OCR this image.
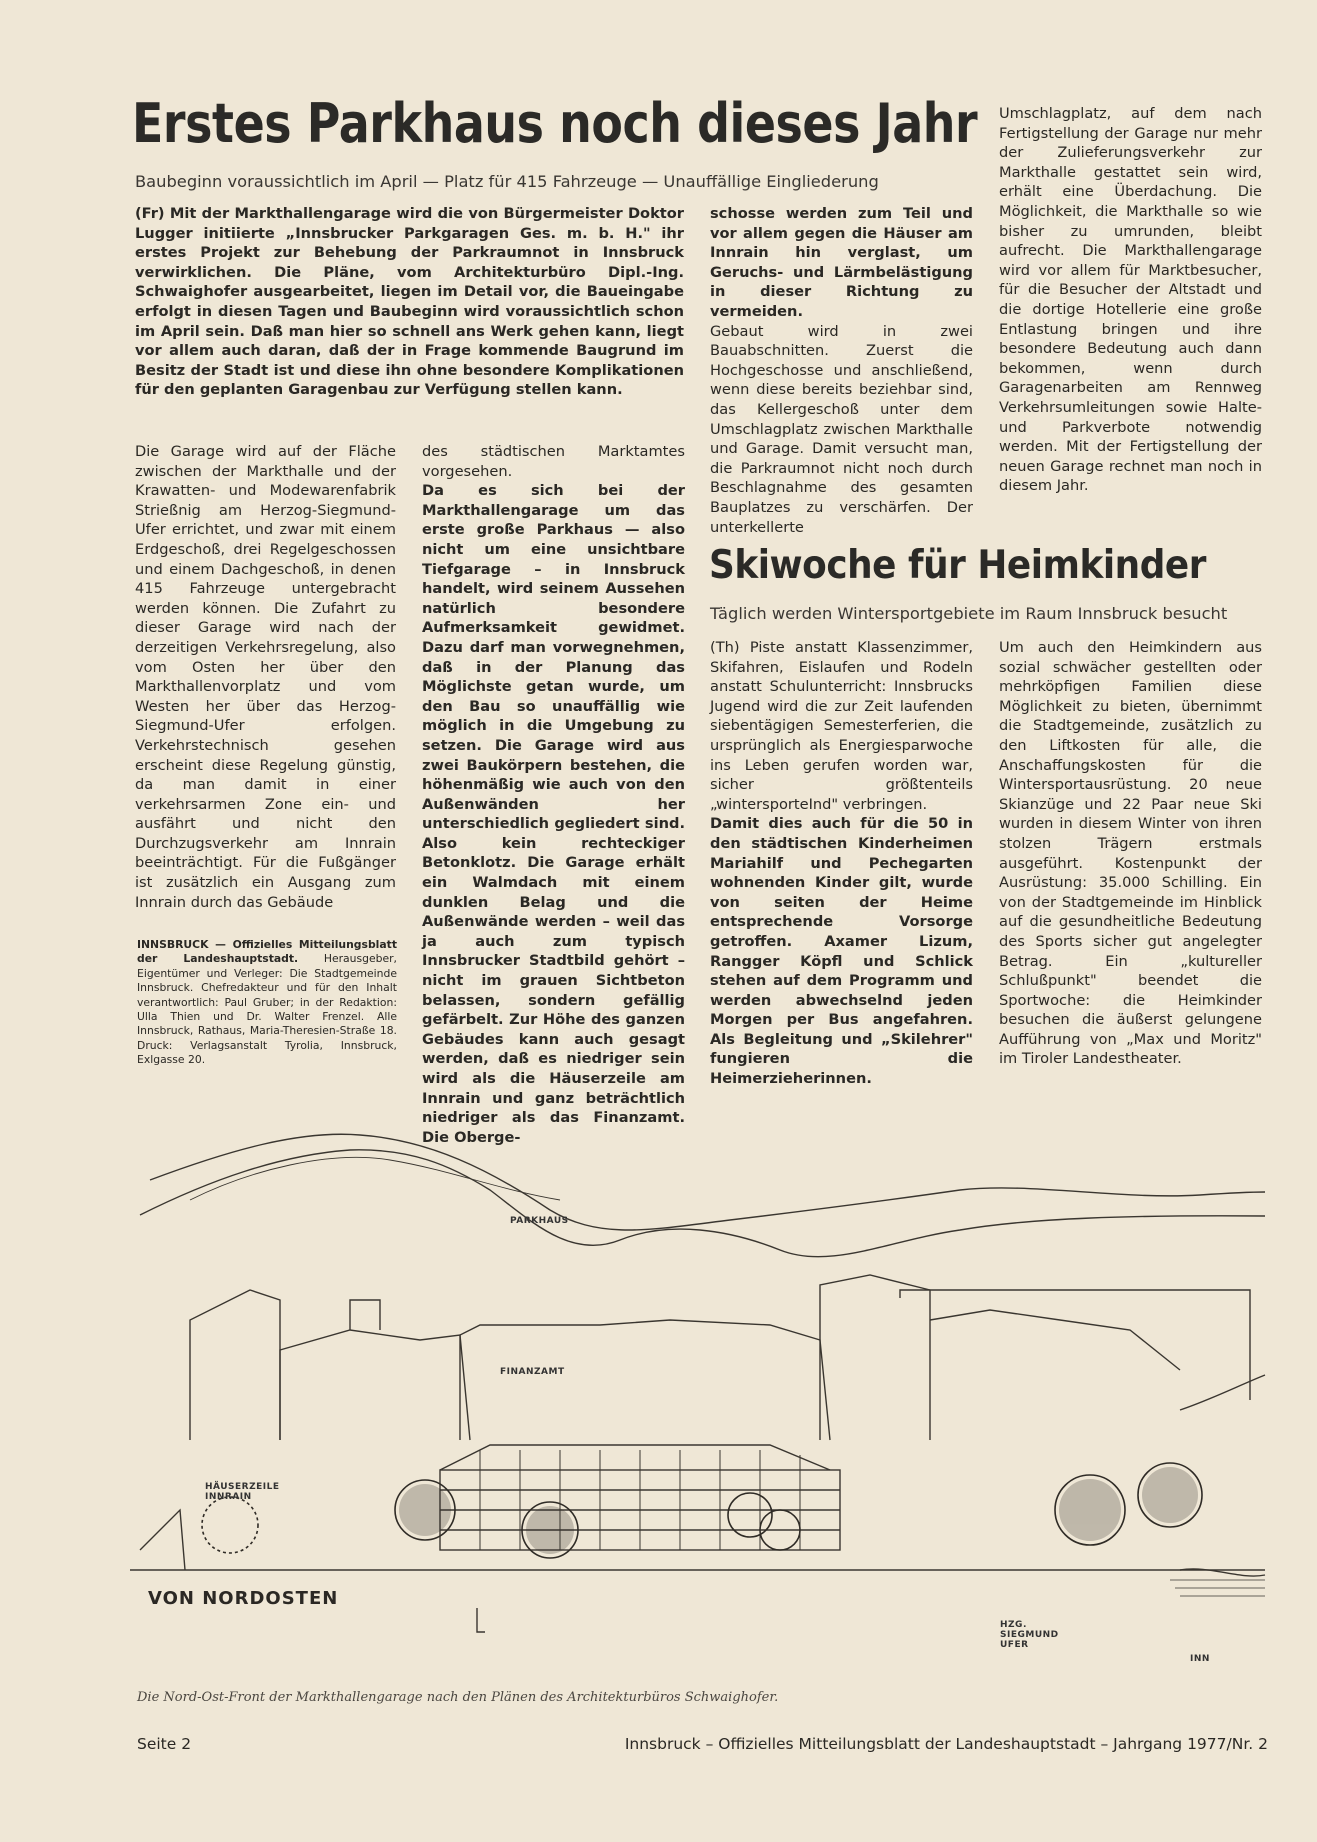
Erstes Parkhaus noch dieses Jahr
Baubeginn voraussichtlich im April — Platz für 415 Fahrzeuge — Unauffällige Eingliederung

(Fr) Mit der Markthallengarage wird die von Bürgermeister Doktor Lugger initiierte „Innsbrucker Parkgaragen Ges. m. b. H." ihr erstes Projekt zur Behebung der Parkraumnot in Innsbruck verwirklichen. Die Pläne, vom Architekturbüro Dipl.-Ing. Schwaighofer ausgearbeitet, liegen im Detail vor, die Baueingabe erfolgt in diesen Tagen und Baubeginn wird voraussichtlich schon im April sein. Daß man hier so schnell ans Werk gehen kann, liegt vor allem auch daran, daß der in Frage kommende Baugrund im Besitz der Stadt ist und diese ihn ohne besondere Komplikationen für den geplanten Garagenbau zur Verfügung stellen kann.

Die Garage wird auf der Fläche zwischen der Markthalle und der Krawatten- und Modewarenfabrik Strießnig am Herzog-Siegmund-Ufer errichtet, und zwar mit einem Erdgeschoß, drei Regelgeschossen und einem Dachgeschoß, in denen 415 Fahrzeuge untergebracht werden können. Die Zufahrt zu dieser Garage wird nach der derzeitigen Verkehrsregelung, also vom Osten her über den Markthallenvorplatz und vom Westen her über das Herzog-Siegmund-Ufer erfolgen. Verkehrstechnisch gesehen erscheint diese Regelung günstig, da man damit in einer verkehrsarmen Zone ein- und ausfährt und nicht den Durchzugsverkehr am Innrain beeinträchtigt. Für die Fußgänger ist zusätzlich ein Ausgang zum Innrain durch das Gebäude

des städtischen Marktamtes vorgesehen.

Da es sich bei der Markthallengarage um das erste große Parkhaus — also nicht um eine unsichtbare Tiefgarage – in Innsbruck handelt, wird seinem Aussehen natürlich besondere Aufmerksamkeit gewidmet. Dazu darf man vorwegnehmen, daß in der Planung das Möglichste getan wurde, um den Bau so unauffällig wie möglich in die Umgebung zu setzen. Die Garage wird aus zwei Baukörpern bestehen, die höhenmäßig wie auch von den Außenwänden her unterschiedlich gegliedert sind. Also kein rechteckiger Betonklotz. Die Garage erhält ein Walmdach mit einem dunklen Belag und die Außenwände werden – weil das ja auch zum typisch Innsbrucker Stadtbild gehört – nicht im grauen Sichtbeton belassen, sondern gefällig gefärbelt. Zur Höhe des ganzen Gebäudes kann auch gesagt werden, daß es niedriger sein wird als die Häuserzeile am Innrain und ganz beträchtlich niedriger als das Finanzamt. Die Oberge-

schosse werden zum Teil und vor allem gegen die Häuser am Innrain hin verglast, um Geruchs- und Lärmbelästigung in dieser Richtung zu vermeiden.

Gebaut wird in zwei Bauabschnitten. Zuerst die Hochgeschosse und anschließend, wenn diese bereits beziehbar sind, das Kellergeschoß unter dem Umschlagplatz zwischen Markthalle und Garage. Damit versucht man, die Parkraumnot nicht noch durch Beschlagnahme des gesamten Bauplatzes zu verschärfen. Der unterkellerte

Umschlagplatz, auf dem nach Fertigstellung der Garage nur mehr der Zulieferungsverkehr zur Markthalle gestattet sein wird, erhält eine Überdachung. Die Möglichkeit, die Markthalle so wie bisher zu umrunden, bleibt aufrecht. Die Markthallengarage wird vor allem für Marktbesucher, für die Besucher der Altstadt und die dortige Hotellerie eine große Entlastung bringen und ihre besondere Bedeutung auch dann bekommen, wenn durch Garagenarbeiten am Rennweg Verkehrsumleitungen sowie Halte- und Parkverbote notwendig werden. Mit der Fertigstellung der neuen Garage rechnet man noch in diesem Jahr.

INNSBRUCK — Offizielles Mitteilungsblatt der Landeshauptstadt. Herausgeber, Eigentümer und Verleger: Die Stadtgemeinde Innsbruck. Chefredakteur und für den Inhalt verantwortlich: Paul Gruber; in der Redaktion: Ulla Thien und Dr. Walter Frenzel. Alle Innsbruck, Rathaus, Maria-Theresien-Straße 18. Druck: Verlagsanstalt Tyrolia, Innsbruck, Exlgasse 20.

Skiwoche für Heimkinder
Täglich werden Wintersportgebiete im Raum Innsbruck besucht

(Th) Piste anstatt Klassenzimmer, Skifahren, Eislaufen und Rodeln anstatt Schulunterricht: Innsbrucks Jugend wird die zur Zeit laufenden siebentägigen Semesterferien, die ursprünglich als Energiesparwoche ins Leben gerufen worden war, sicher größtenteils „wintersporteInd" verbringen.

Damit dies auch für die 50 in den städtischen Kinderheimen Mariahilf und Pechegarten wohnenden Kinder gilt, wurde von seiten der Heime entsprechende Vorsorge getroffen. Axamer Lizum, Rangger Köpfl und Schlick stehen auf dem Programm und werden abwechselnd jeden Morgen per Bus angefahren. Als Begleitung und „Skilehrer" fungieren die Heimerzieherinnen.

Um auch den Heimkindern aus sozial schwächer gestellten oder mehrköpfigen Familien diese Möglichkeit zu bieten, übernimmt die Stadtgemeinde, zusätzlich zu den Liftkosten für alle, die Anschaffungskosten für die Wintersportausrüstung. 20 neue Skianzüge und 22 Paar neue Ski wurden in diesem Winter von ihren stolzen Trägern erstmals ausgeführt. Kostenpunkt der Ausrüstung: 35.000 Schilling. Ein von der Stadtgemeinde im Hinblick auf die gesundheitliche Bedeutung des Sports sicher gut angelegter Betrag. Ein „kultureller Schlußpunkt" beendet die Sportwoche: die Heimkinder besuchen die äußerst gelungene Aufführung von „Max und Moritz" im Tiroler Landestheater.

FINANZAMT
HÄUSERZEILE INNRAIN
PARKHAUS
HZG. SIEGMUND UFER
INN
VON NORDOSTEN
Die Nord-Ost-Front der Markthallengarage nach den Plänen des Architekturbüros Schwaighofer.
Seite 2	Innsbruck – Offizielles Mitteilungsblatt der Landeshauptstadt – Jahrgang 1977/Nr. 2
